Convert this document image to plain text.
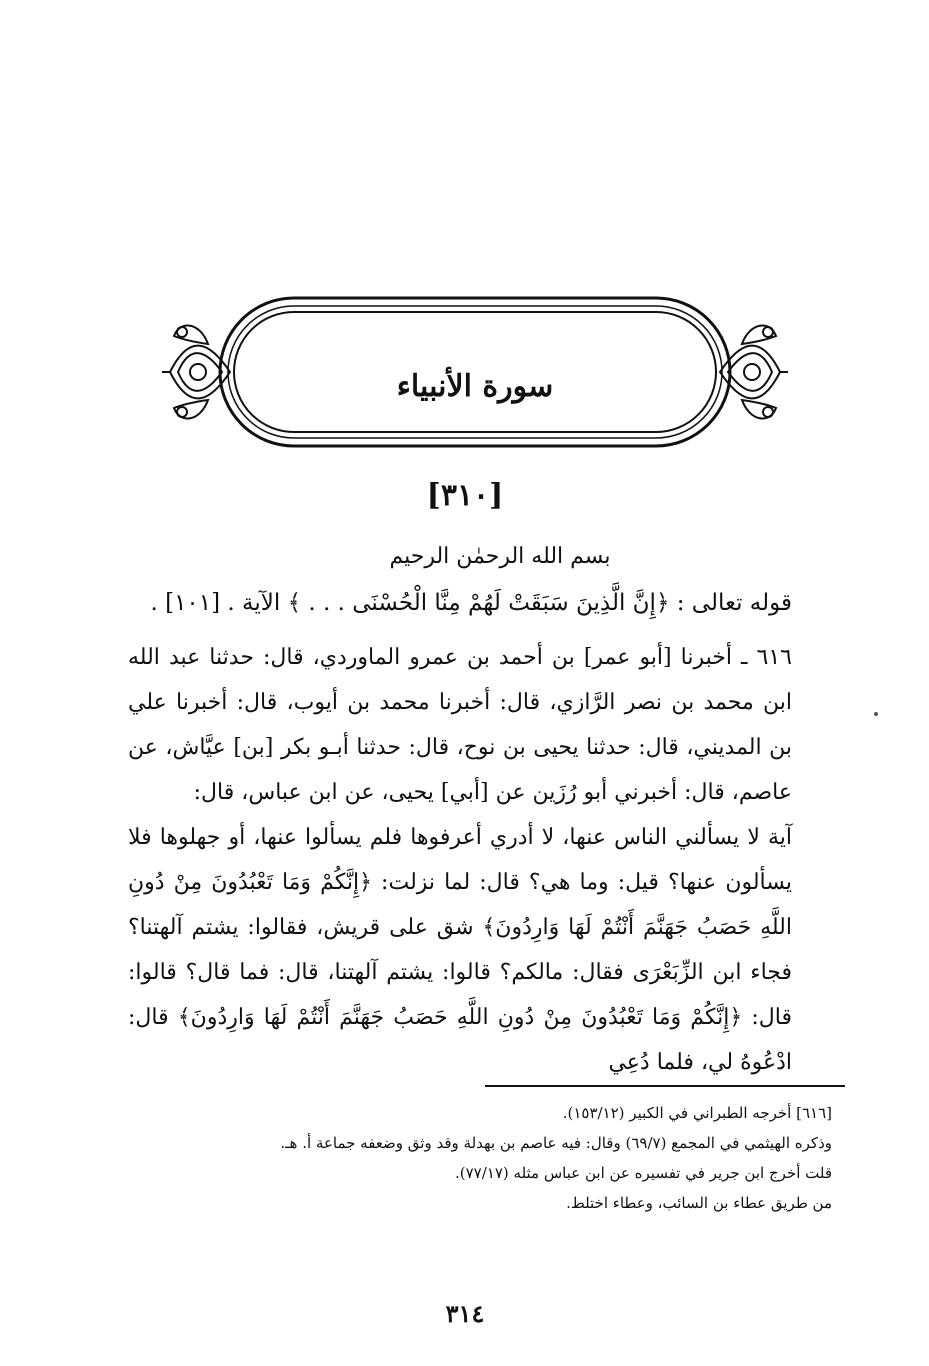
سورة الأنبياء
[٣١٠]
بسم الله الرحمٰن الرحيم
قوله تعالى : ﴿إِنَّ الَّذِينَ سَبَقَتْ لَهُمْ مِنَّا الْحُسْنَى . . . ﴾ الآية . [١٠١] .
٦١٦ ـ أخبرنا [أبو عمر] بن أحمد بن عمرو الماوردي، قال: حدثنا عبد الله ابن محمد بن نصر الرَّازي، قال: أخبرنا محمد بن أيوب، قال: أخبرنا علي بن المديني، قال: حدثنا يحيى بن نوح، قال: حدثنا أبـو بكر [بن] عيَّاش، عن عاصم، قال: أخبرني أبو رُزَين عن [أبي] يحيى، عن ابن عباس، قال:
آية لا يسألني الناس عنها، لا أدري أعرفوها فلم يسألوا عنها، أو جهلوها فلا يسألون عنها؟ قيل: وما هي؟ قال: لما نزلت: ﴿إِنَّكُمْ وَمَا تَعْبُدُونَ مِنْ دُونِ اللَّهِ حَصَبُ جَهَنَّمَ أَنْتُمْ لَهَا وَارِدُونَ﴾ شق على قريش، فقالوا: يشتم آلهتنا؟ فجاء ابن الزِّبَعْرَى فقال: مالكم؟ قالوا: يشتم آلهتنا، قال: فما قال؟ قالوا: قال: ﴿إِنَّكُمْ وَمَا تَعْبُدُونَ مِنْ دُونِ اللَّهِ حَصَبُ جَهَنَّمَ أَنْتُمْ لَهَا وَارِدُونَ﴾ قال: ادْعُوهُ لي، فلما دُعِي
[٦١٦] أخرجه الطبراني في الكبير (١٥٣/١٢).
وذكره الهيثمي في المجمع (٦٩/٧) وقال: فيه عاصم بن بهدلة وقد وثق وضعفه جماعة أ. هـ.
قلت أخرج ابن جرير في تفسيره عن ابن عباس مثله (٧٧/١٧).
من طريق عطاء بن السائب، وعطاء اختلط.
٣١٤
